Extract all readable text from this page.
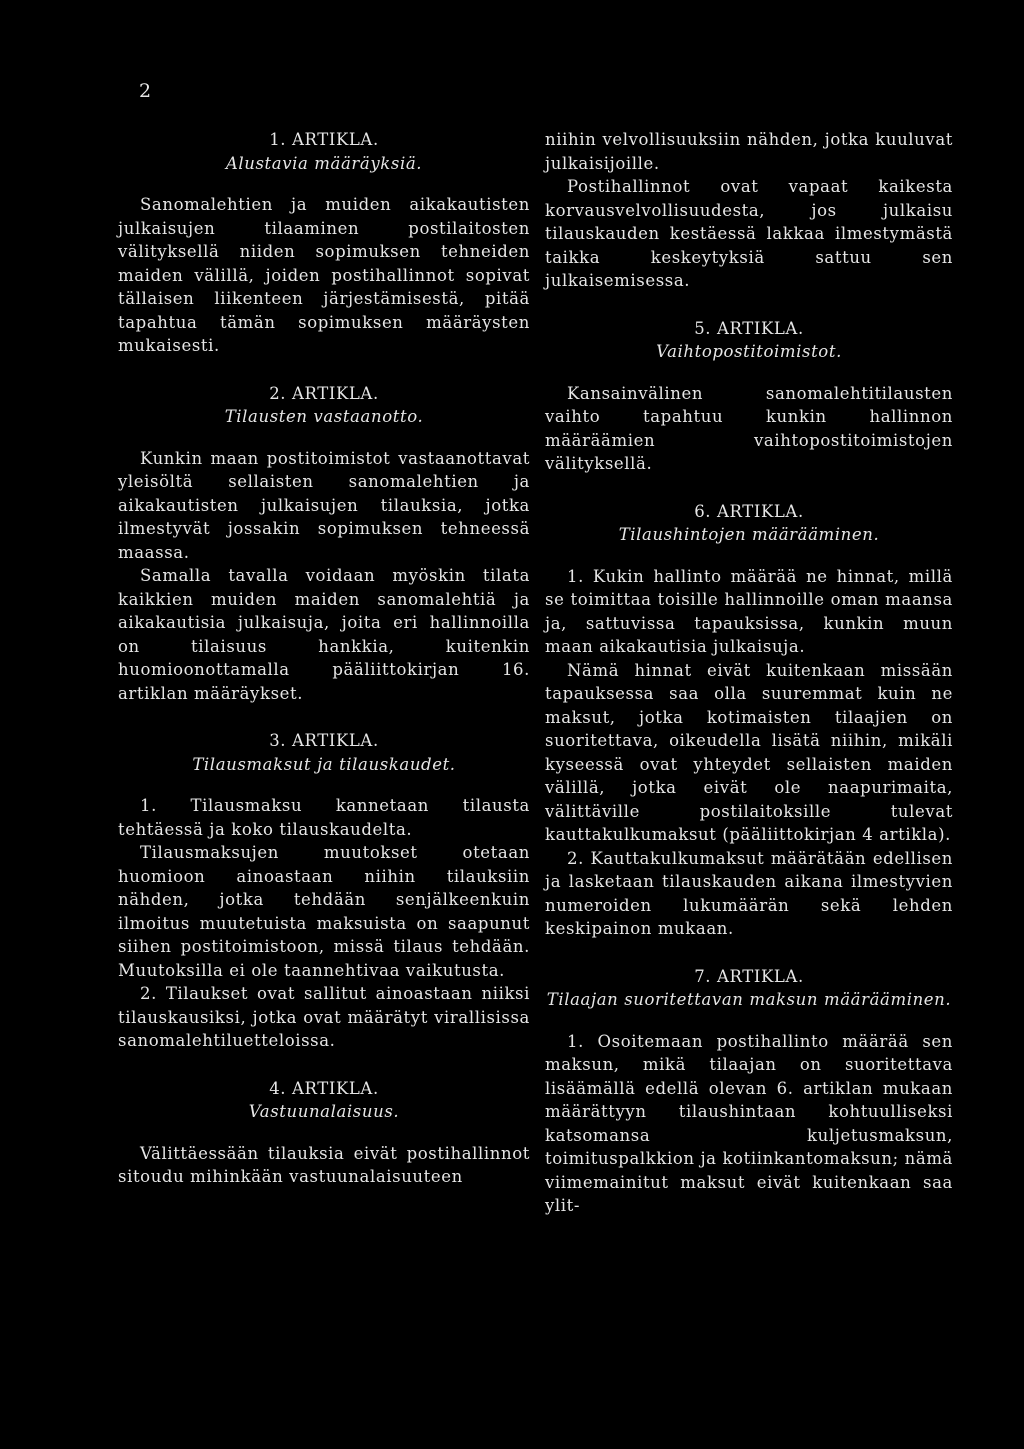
2

1. ARTIKLA.

Alustavia määräyksiä.

Sanomalehtien ja muiden aikakautisten julkaisujen tilaaminen postilaitosten välityksellä niiden sopimuksen tehneiden maiden välillä, joiden postihallinnot sopivat tällaisen liikenteen järjestämisestä, pitää tapahtua tämän sopimuksen määräysten mukaisesti.

2. ARTIKLA.

Tilausten vastaanotto.

Kunkin maan postitoimistot vastaanottavat yleisöltä sellaisten sanomalehtien ja aikakautisten julkaisujen tilauksia, jotka ilmestyvät jossakin sopimuksen tehneessä maassa.

Samalla tavalla voidaan myöskin tilata kaikkien muiden maiden sanomalehtiä ja aikakautisia julkaisuja, joita eri hallinnoilla on tilaisuus hankkia, kuitenkin huomioonottamalla pääliittokirjan 16. artiklan määräykset.

3. ARTIKLA.

Tilausmaksut ja tilauskaudet.

1. Tilausmaksu kannetaan tilausta tehtäessä ja koko tilauskaudelta.

Tilausmaksujen muutokset otetaan huomioon ainoastaan niihin tilauksiin nähden, jotka tehdään senjälkeenkuin ilmoitus muutetuista maksuista on saapunut siihen postitoimistoon, missä tilaus tehdään. Muutoksilla ei ole taannehtivaa vaikutusta.

2. Tilaukset ovat sallitut ainoastaan niiksi tilauskausiksi, jotka ovat määrätyt virallisissa sanomalehtiluetteloissa.

4. ARTIKLA.

Vastuunalaisuus.

Välittäessään tilauksia eivät postihallinnot sitoudu mihinkään vastuunalaisuuteen

niihin velvollisuuksiin nähden, jotka kuuluvat julkaisijoille.

Postihallinnot ovat vapaat kaikesta korvausvelvollisuudesta, jos julkaisu tilauskauden kestäessä lakkaa ilmestymästä taikka keskeytyksiä sattuu sen julkaisemisessa.

5. ARTIKLA.

Vaihtopostitoimistot.

Kansainvälinen sanomalehtitilausten vaihto tapahtuu kunkin hallinnon määräämien vaihtopostitoimistojen välityksellä.

6. ARTIKLA.

Tilaushintojen määrääminen.

1. Kukin hallinto määrää ne hinnat, millä se toimittaa toisille hallinnoille oman maansa ja, sattuvissa tapauksissa, kunkin muun maan aikakautisia julkaisuja.

Nämä hinnat eivät kuitenkaan missään tapauksessa saa olla suuremmat kuin ne maksut, jotka kotimaisten tilaajien on suoritettava, oikeudella lisätä niihin, mikäli kyseessä ovat yhteydet sellaisten maiden välillä, jotka eivät ole naapurimaita, välittäville postilaitoksille tulevat kauttakulkumaksut (pääliittokirjan 4 artikla).

2. Kauttakulkumaksut määrätään edellisen ja lasketaan tilauskauden aikana ilmestyvien numeroiden lukumäärän sekä lehden keskipainon mukaan.

7. ARTIKLA.

Tilaajan suoritettavan maksun määrääminen.

1. Osoitemaan postihallinto määrää sen maksun, mikä tilaajan on suoritettava lisäämällä edellä olevan 6. artiklan mukaan määrättyyn tilaushintaan kohtuulliseksi katsomansa kuljetusmaksun, toimituspalkkion ja kotiinkantomaksun; nämä viimemainitut maksut eivät kuitenkaan saa ylit-
